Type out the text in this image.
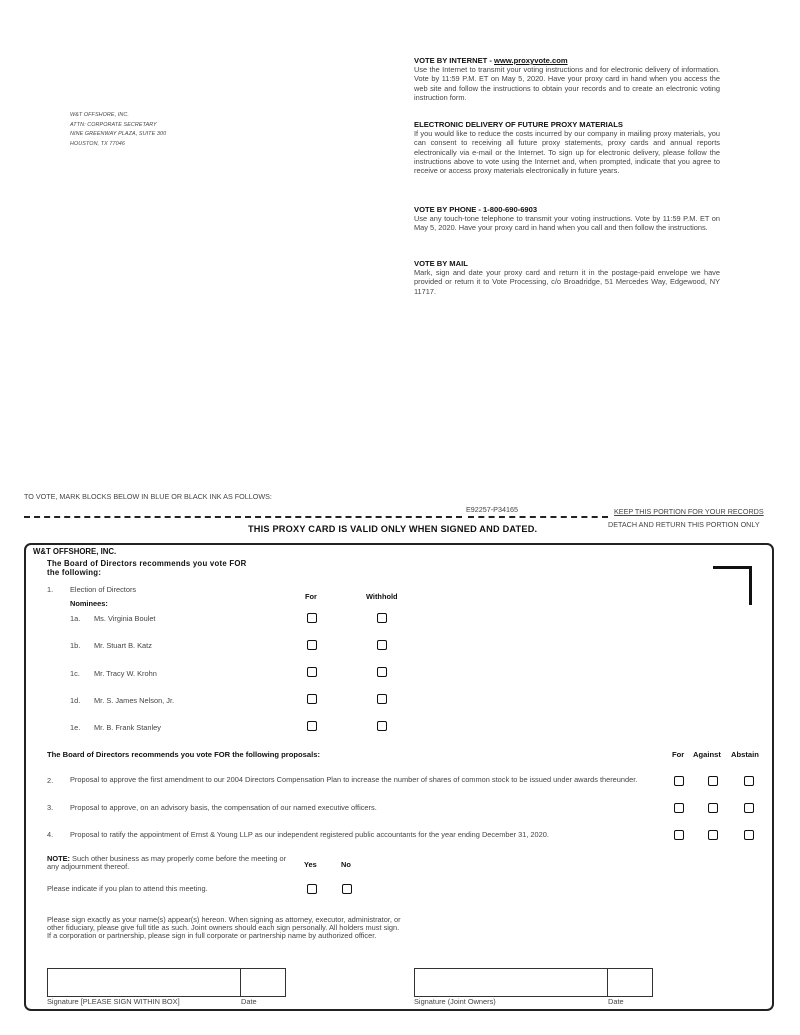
W&T OFFSHORE, INC.
ATTN: CORPORATE SECRETARY
NINE GREENWAY PLAZA, SUITE 300
HOUSTON, TX 77046
VOTE BY INTERNET - www.proxyvote.com
Use the Internet to transmit your voting instructions and for electronic delivery of information. Vote by 11:59 P.M. ET on May 5, 2020. Have your proxy card in hand when you access the web site and follow the instructions to obtain your records and to create an electronic voting instruction form.
ELECTRONIC DELIVERY OF FUTURE PROXY MATERIALS
If you would like to reduce the costs incurred by our company in mailing proxy materials, you can consent to receiving all future proxy statements, proxy cards and annual reports electronically via e-mail or the Internet. To sign up for electronic delivery, please follow the instructions above to vote using the Internet and, when prompted, indicate that you agree to receive or access proxy materials electronically in future years.
VOTE BY PHONE - 1-800-690-6903
Use any touch-tone telephone to transmit your voting instructions. Vote by 11:59 P.M. ET on May 5, 2020. Have your proxy card in hand when you call and then follow the instructions.
VOTE BY MAIL
Mark, sign and date your proxy card and return it in the postage-paid envelope we have provided or return it to Vote Processing, c/o Broadridge, 51 Mercedes Way, Edgewood, NY 11717.
TO VOTE, MARK BLOCKS BELOW IN BLUE OR BLACK INK AS FOLLOWS:
E92257-P34165	KEEP THIS PORTION FOR YOUR RECORDS
DETACH AND RETURN THIS PORTION ONLY
THIS PROXY CARD IS VALID ONLY WHEN SIGNED AND DATED.
W&T OFFSHORE, INC.
The Board of Directors recommends you vote FOR
the following:
1. Election of Directors
Nominees:
For	Withhold
1a. Ms. Virginia Boulet
1b. Mr. Stuart B. Katz
1c. Mr. Tracy W. Krohn
1d. Mr. S. James Nelson, Jr.
1e. Mr. B. Frank Stanley
The Board of Directors recommends you vote FOR the following proposals:	For Against Abstain
2. Proposal to approve the first amendment to our 2004 Directors Compensation Plan to increase the number of shares of common stock to be issued under awards thereunder.
3. Proposal to approve, on an advisory basis, the compensation of our named executive officers.
4. Proposal to ratify the appointment of Ernst & Young LLP as our independent registered public accountants for the year ending December 31, 2020.
NOTE: Such other business as may properly come before the meeting or any adjournment thereof.	Yes	No
Please indicate if you plan to attend this meeting.
Please sign exactly as your name(s) appear(s) hereon. When signing as attorney, executor, administrator, or other fiduciary, please give full title as such. Joint owners should each sign personally. All holders must sign. If a corporation or partnership, please sign in full corporate or partnership name by authorized officer.
Signature [PLEASE SIGN WITHIN BOX]	Date	Signature (Joint Owners)	Date
